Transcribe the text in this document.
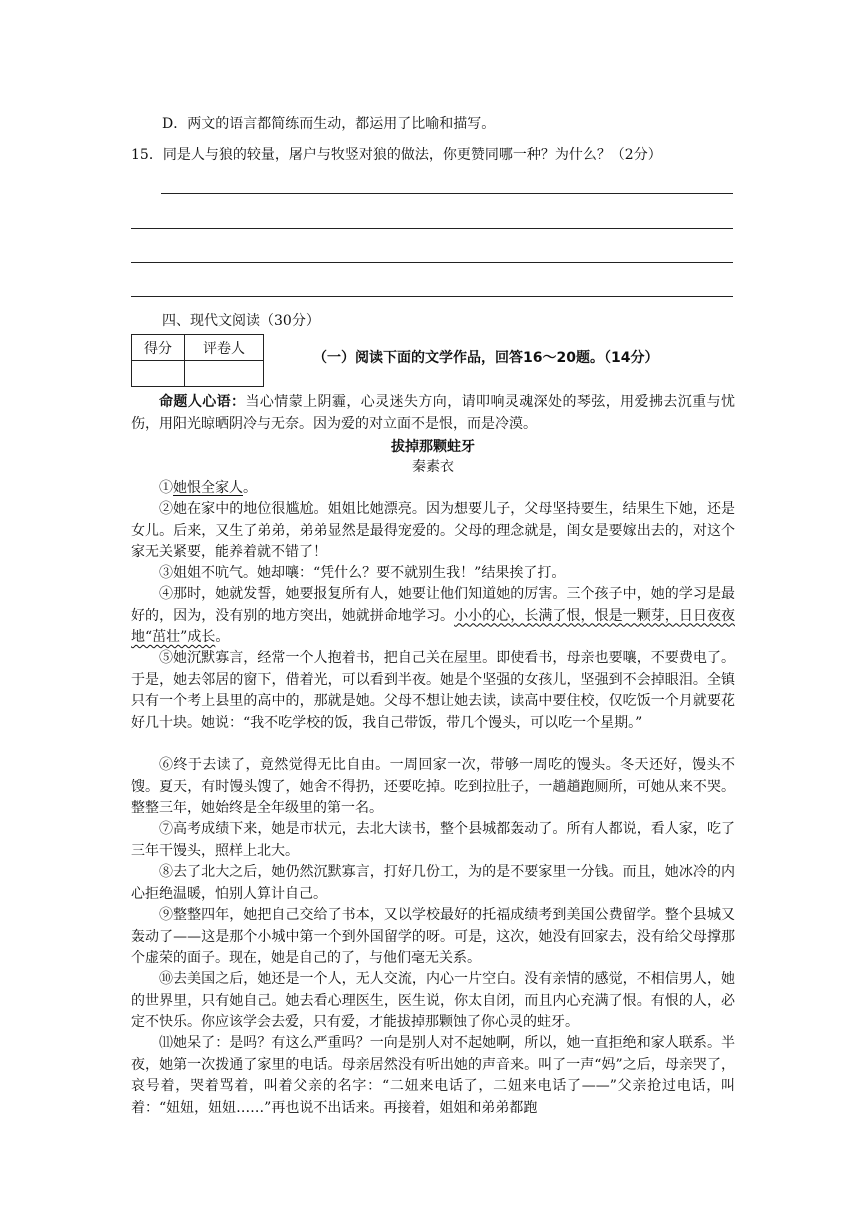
D．两文的语言都简练而生动，都运用了比喻和描写。
15．同是人与狼的较量，屠户与牧竖对狼的做法，你更赞同哪一种？为什么？（2分）
四、现代文阅读（30分）
得分	评卷人

（一）阅读下面的文学作品，回答16～20题。（14分）
命题人心语：当心情蒙上阴霾，心灵迷失方向，请叩响灵魂深处的琴弦，用爱拂去沉重与忧伤，用阳光晾晒阴冷与无奈。因为爱的对立面不是恨，而是冷漠。
拔掉那颗蛀牙
秦素衣
①她恨全家人。
②她在家中的地位很尴尬。姐姐比她漂亮。因为想要儿子，父母坚持要生，结果生下她，还是女儿。后来，又生了弟弟，弟弟显然是最得宠爱的。父母的理念就是，闺女是要嫁出去的，对这个家无关紧要，能养着就不错了！
③姐姐不吭气。她却嚷：“凭什么？要不就别生我！”结果挨了打。
④那时，她就发誓，她要报复所有人，她要让他们知道她的厉害。三个孩子中，她的学习是最好的，因为，没有别的地方突出，她就拼命地学习。小小的心，长满了恨，恨是一颗芽，日日夜夜地“茁壮”成长。
⑤她沉默寡言，经常一个人抱着书，把自己关在屋里。即使看书，母亲也要嚷，不要费电了。于是，她去邻居的窗下，借着光，可以看到半夜。她是个坚强的女孩儿，坚强到不会掉眼泪。全镇只有一个考上县里的高中的，那就是她。父母不想让她去读，读高中要住校，仅吃饭一个月就要花好几十块。她说：“我不吃学校的饭，我自己带饭，带几个馒头，可以吃一个星期。”
⑥终于去读了，竟然觉得无比自由。一周回家一次，带够一周吃的馒头。冬天还好，馒头不馊。夏天，有时馒头馊了，她舍不得扔，还要吃掉。吃到拉肚子，一趟趟跑厕所，可她从来不哭。整整三年，她始终是全年级里的第一名。
⑦高考成绩下来，她是市状元，去北大读书，整个县城都轰动了。所有人都说，看人家，吃了三年干馒头，照样上北大。
⑧去了北大之后，她仍然沉默寡言，打好几份工，为的是不要家里一分钱。而且，她冰冷的内心拒绝温暖，怕别人算计自己。
⑨整整四年，她把自己交给了书本，又以学校最好的托福成绩考到美国公费留学。整个县城又轰动了——这是那个小城中第一个到外国留学的呀。可是，这次，她没有回家去，没有给父母撑那个虚荣的面子。现在，她是自己的了，与他们毫无关系。
⑩去美国之后，她还是一个人，无人交流，内心一片空白。没有亲情的感觉，不相信男人，她的世界里，只有她自己。她去看心理医生，医生说，你太自闭，而且内心充满了恨。有恨的人，必定不快乐。你应该学会去爱，只有爱，才能拔掉那颗蚀了你心灵的蛀牙。
⑾她呆了：是吗？有这么严重吗？一向是别人对不起她啊，所以，她一直拒绝和家人联系。半夜，她第一次拨通了家里的电话。母亲居然没有听出她的声音来。叫了一声“妈”之后，母亲哭了，哀号着，哭着骂着，叫着父亲的名字：“二妞来电话了，二妞来电话了——”父亲抢过电话，叫着：“妞妞，妞妞……”再也说不出话来。再接着，姐姐和弟弟都跑
